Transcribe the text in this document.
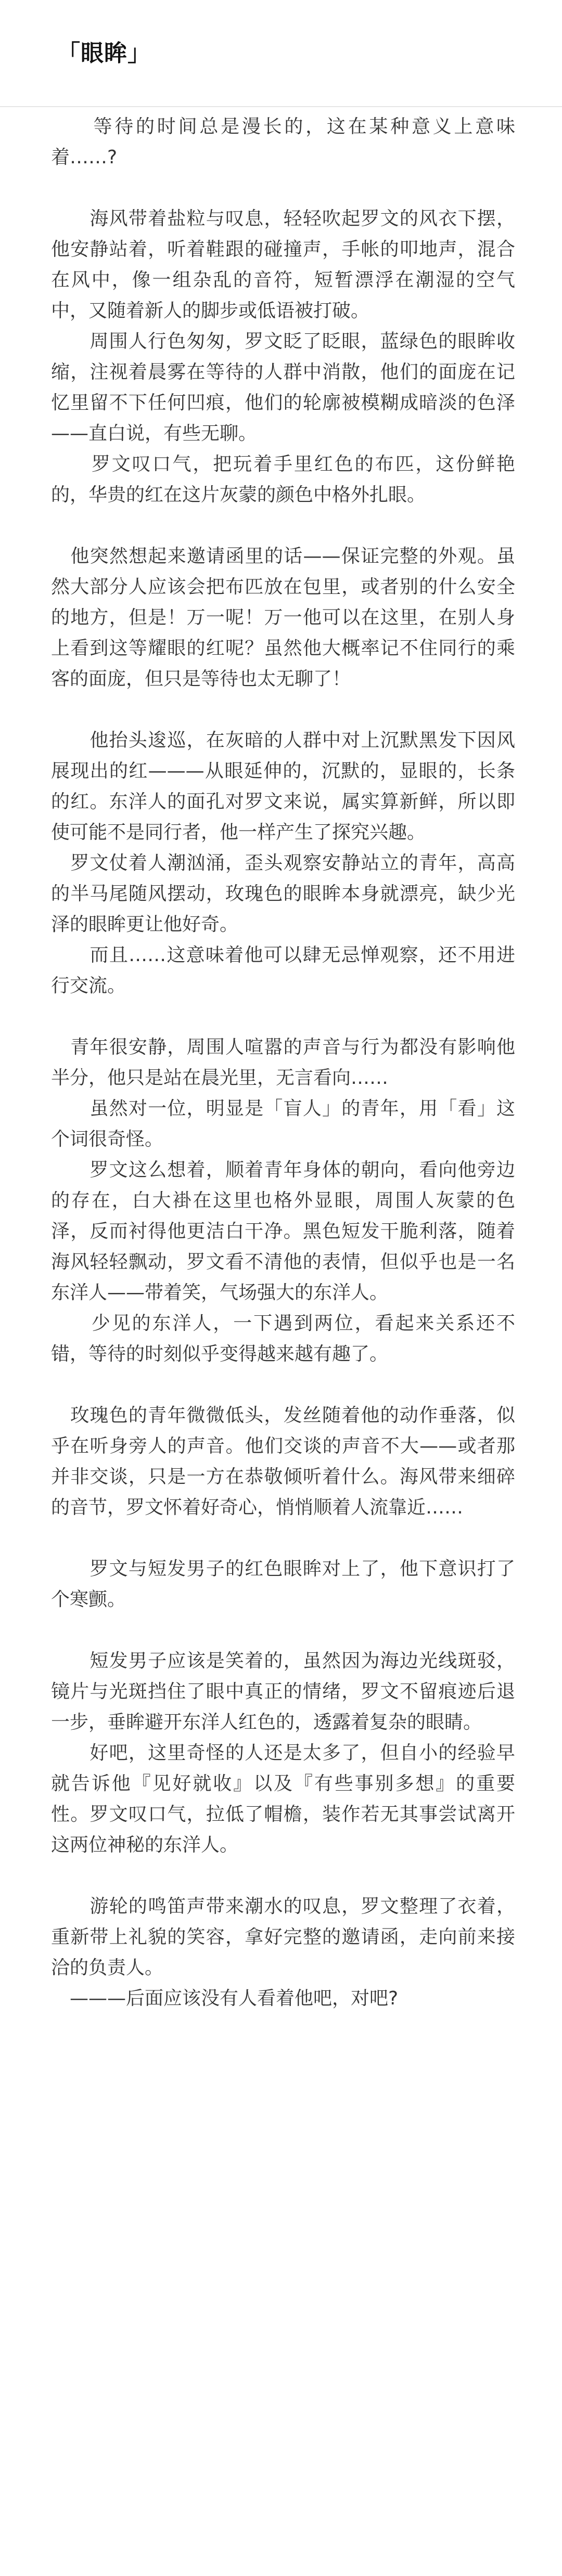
「眼眸」

　　等待的时间总是漫长的，这在某种意义上意味着……?

　　海风带着盐粒与叹息，轻轻吹起罗文的风衣下摆，他安静站着，听着鞋跟的碰撞声，手帐的叩地声，混合在风中，像一组杂乱的音符，短暂漂浮在潮湿的空气中，又随着新人的脚步或低语被打破。

　　周围人行色匆匆，罗文眨了眨眼，蓝绿色的眼眸收缩，注视着晨雾在等待的人群中消散，他们的面庞在记忆里留不下任何凹痕，他们的轮廓被模糊成暗淡的色泽——直白说，有些无聊。

　　罗文叹口气，把玩着手里红色的布匹，这份鲜艳的，华贵的红在这片灰蒙的颜色中格外扎眼。

　他突然想起来邀请函里的话——保证完整的外观。虽然大部分人应该会把布匹放在包里，或者别的什么安全的地方，但是！万一呢！万一他可以在这里，在别人身上看到这等耀眼的红呢？虽然他大概率记不住同行的乘客的面庞，但只是等待也太无聊了！

　　他抬头逡巡，在灰暗的人群中对上沉默黑发下因风展现出的红———从眼延伸的，沉默的，显眼的，长条的红。东洋人的面孔对罗文来说，属实算新鲜，所以即使可能不是同行者，他一样产生了探究兴趣。

　罗文仗着人潮汹涌，歪头观察安静站立的青年，高高的半马尾随风摆动，玫瑰色的眼眸本身就漂亮，缺少光泽的眼眸更让他好奇。

　　而且……这意味着他可以肆无忌惮观察，还不用进行交流。

　青年很安静，周围人喧嚣的声音与行为都没有影响他半分，他只是站在晨光里，无言看向……

　　虽然对一位，明显是「盲人」的青年，用「看」这个词很奇怪。

　　罗文这么想着，顺着青年身体的朝向，看向他旁边的存在，白大褂在这里也格外显眼，周围人灰蒙的色泽，反而衬得他更洁白干净。黑色短发干脆利落，随着海风轻轻飘动，罗文看不清他的表情，但似乎也是一名东洋人——带着笑，气场强大的东洋人。

　　少见的东洋人，一下遇到两位，看起来关系还不错，等待的时刻似乎变得越来越有趣了。

　玫瑰色的青年微微低头，发丝随着他的动作垂落，似乎在听身旁人的声音。他们交谈的声音不大——或者那并非交谈，只是一方在恭敬倾听着什么。海风带来细碎的音节，罗文怀着好奇心，悄悄顺着人流靠近……

　　罗文与短发男子的红色眼眸对上了，他下意识打了个寒颤。

　　短发男子应该是笑着的，虽然因为海边光线斑驳，镜片与光斑挡住了眼中真正的情绪，罗文不留痕迹后退一步，垂眸避开东洋人红色的，透露着复杂的眼睛。

　　好吧，这里奇怪的人还是太多了，但自小的经验早就告诉他『见好就收』以及『有些事别多想』的重要性。罗文叹口气，拉低了帽檐，装作若无其事尝试离开这两位神秘的东洋人。

　　游轮的鸣笛声带来潮水的叹息，罗文整理了衣着，重新带上礼貌的笑容，拿好完整的邀请函，走向前来接洽的负责人。

　———后面应该没有人看着他吧，对吧?
